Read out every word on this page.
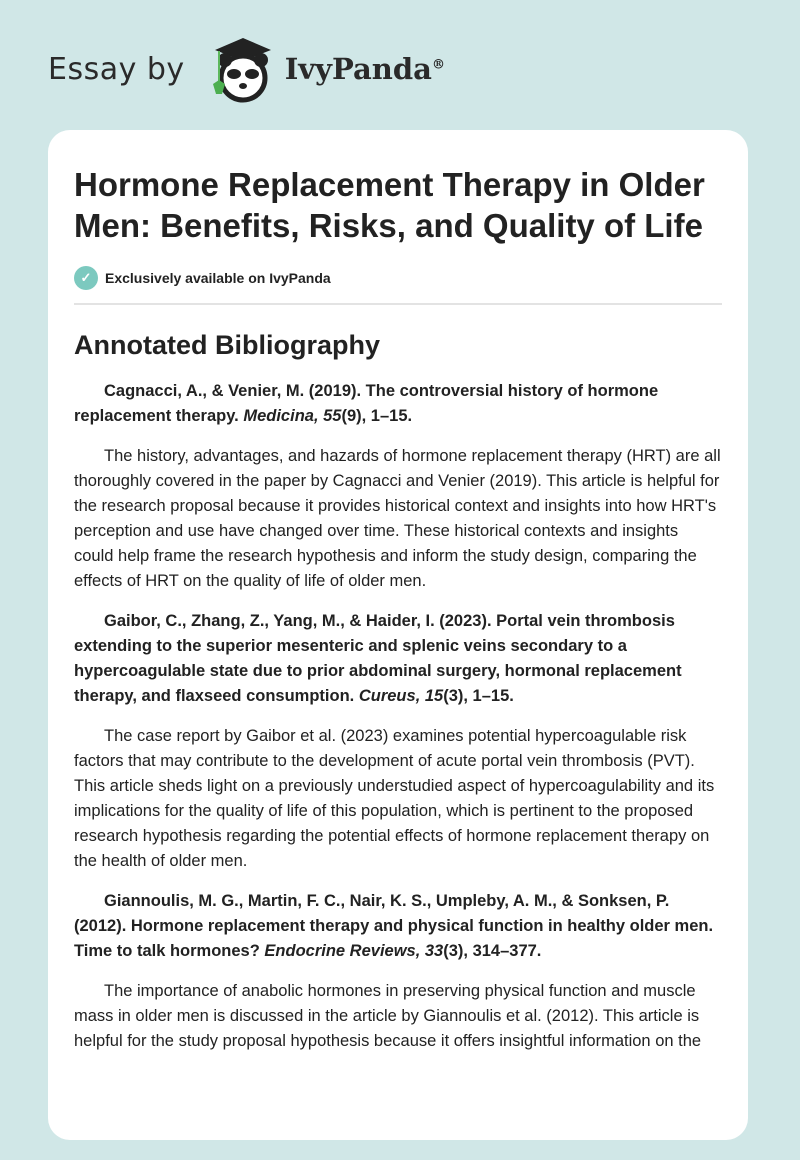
Essay by	IvyPanda®
Hormone Replacement Therapy in Older Men: Benefits, Risks, and Quality of Life
✓ Exclusively available on IvyPanda
Annotated Bibliography

Cagnacci, A., & Venier, M. (2019). The controversial history of hormone replacement therapy. Medicina, 55(9), 1–15.

The history, advantages, and hazards of hormone replacement therapy (HRT) are all thoroughly covered in the paper by Cagnacci and Venier (2019). This article is helpful for the research proposal because it provides historical context and insights into how HRT's perception and use have changed over time. These historical contexts and insights could help frame the research hypothesis and inform the study design, comparing the effects of HRT on the quality of life of older men.

Gaibor, C., Zhang, Z., Yang, M., & Haider, I. (2023). Portal vein thrombosis extending to the superior mesenteric and splenic veins secondary to a hypercoagulable state due to prior abdominal surgery, hormonal replacement therapy, and flaxseed consumption. Cureus, 15(3), 1–15.

The case report by Gaibor et al. (2023) examines potential hypercoagulable risk factors that may contribute to the development of acute portal vein thrombosis (PVT). This article sheds light on a previously understudied aspect of hypercoagulability and its implications for the quality of life of this population, which is pertinent to the proposed research hypothesis regarding the potential effects of hormone replacement therapy on the health of older men.

Giannoulis, M. G., Martin, F. C., Nair, K. S., Umpleby, A. M., & Sonksen, P. (2012). Hormone replacement therapy and physical function in healthy older men. Time to talk hormones? Endocrine Reviews, 33(3), 314–377.

The importance of anabolic hormones in preserving physical function and muscle mass in older men is discussed in the article by Giannoulis et al. (2012). This article is helpful for the study proposal hypothesis because it offers insightful information on the
